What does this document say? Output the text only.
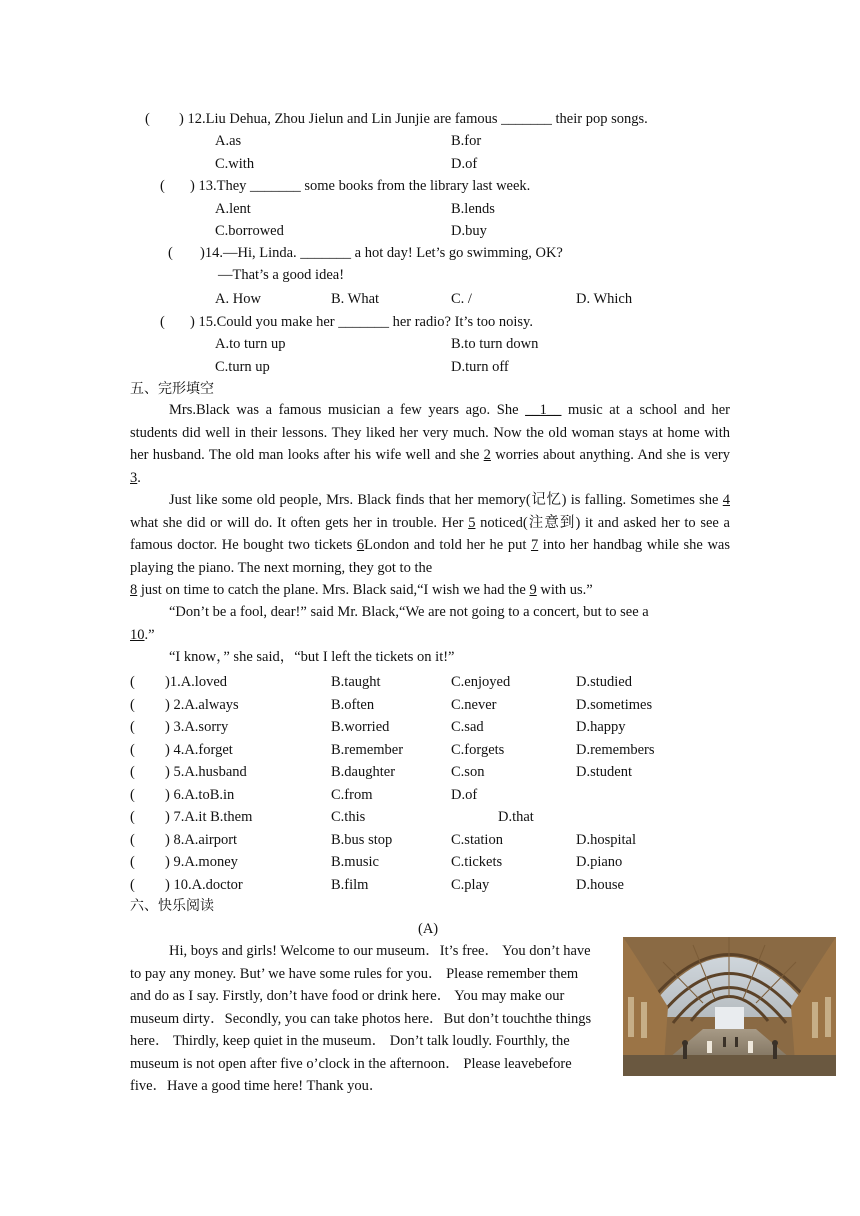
( ) 12.Liu Dehua, Zhou Jielun and Lin Junjie are famous _______ their pop songs.
A.as	B.for
C.with	D.of
( ) 13.They _______ some books from the library last week.
A.lent	B.lends
C.borrowed	D.buy
( )14.—Hi, Linda. _______ a hot day! Let’s go swimming, OK?
—That’s a good idea!
A. How	B. What	C. /	D. Which
( ) 15.Could you make her _______ her radio? It’s too noisy.
A.to turn up	B.to turn down
C.turn up	D.turn off
五、完形填空
Mrs.Black was a famous musician a few years ago. She __1__ music at a school and her students did well in their lessons. They liked her very much. Now the old woman stays at home with her husband. The old man looks after his wife well and she 2 worries about anything. And she is very 3.
Just like some old people, Mrs. Black finds that her memory(记忆) is falling. Sometimes she 4 what she did or will do. It often gets her in trouble. Her 5 noticed(注意到) it and asked her to see a famous doctor. He bought two tickets 6London and told her he put 7 into her handbag while she was playing the piano. The next morning, they got to the
8 just on time to catch the plane. Mrs. Black said,“I wish we had the 9 with us.”
“Don’t be a fool, dear!” said Mr. Black,“We are not going to a concert, but to see a
10.”
“I know，” she said，“but I left the tickets on it!”
( )1.A.loved	B.taught	C.enjoyed	D.studied
( ) 2.A.always	B.often	C.never	D.sometimes
( ) 3.A.sorry	B.worried	C.sad	D.happy
( ) 4.A.forget	B.remember	C.forgets	D.remembers
( ) 5.A.husband	B.daughter	C.son	D.student
( ) 6.A.toB.in	C.from	D.of
( ) 7.A.it B.them	C.this	D.that
( ) 8.A.airport	B.bus stop	C.station	D.hospital
( ) 9.A.money	B.music	C.tickets	D.piano
( ) 10.A.doctor	B.film	C.play	D.house
六、快乐阅读
(A)
Hi, boys and girls! Welcome to our museum．It’s free． You don’t have
to pay any money. But’ we have some rules for you． Please remember them
and do as I say. Firstly, don’t have food or drink here． You may make our
museum dirty．Secondly, you can take photos here．But don’t touchthe things
here． Thirdly, keep quiet in the museum． Don’t talk loudly. Fourthly, the
museum is not open after five o’clock in the afternoon． Please leavebefore
five．Have a good time here! Thank you．
